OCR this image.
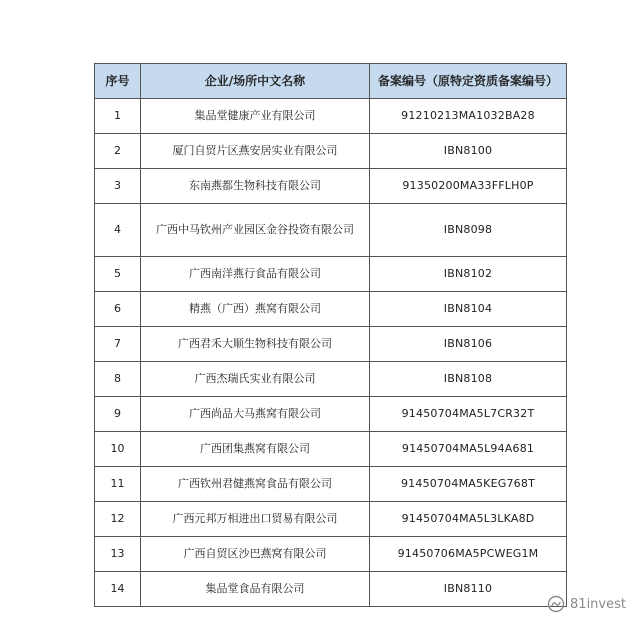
序号	企业/场所中文名称	备案编号（原特定资质备案编号）
1	集品堂健康产业有限公司	91210213MA1032BA28
2	厦门自贸片区燕安居实业有限公司	IBN8100
3	东南燕都生物科技有限公司	91350200MA33FFLH0P
4	广西中马钦州产业园区金谷投资有限公司	IBN8098
5	广西南洋燕行食品有限公司	IBN8102
6	精燕（广西）燕窝有限公司	IBN8104
7	广西君禾大顺生物科技有限公司	IBN8106
8	广西杰瑞氏实业有限公司	IBN8108
9	广西尚品大马燕窝有限公司	91450704MA5L7CR32T
10	广西团集燕窝有限公司	91450704MA5L94A681
11	广西钦州君健燕窝食品有限公司	91450704MA5KEG768T
12	广西元邦万相进出口贸易有限公司	91450704MA5L3LKA8D
13	广西自贸区沙巴燕窝有限公司	91450706MA5PCWEG1M
14	集品堂食品有限公司	IBN8110
81invest
